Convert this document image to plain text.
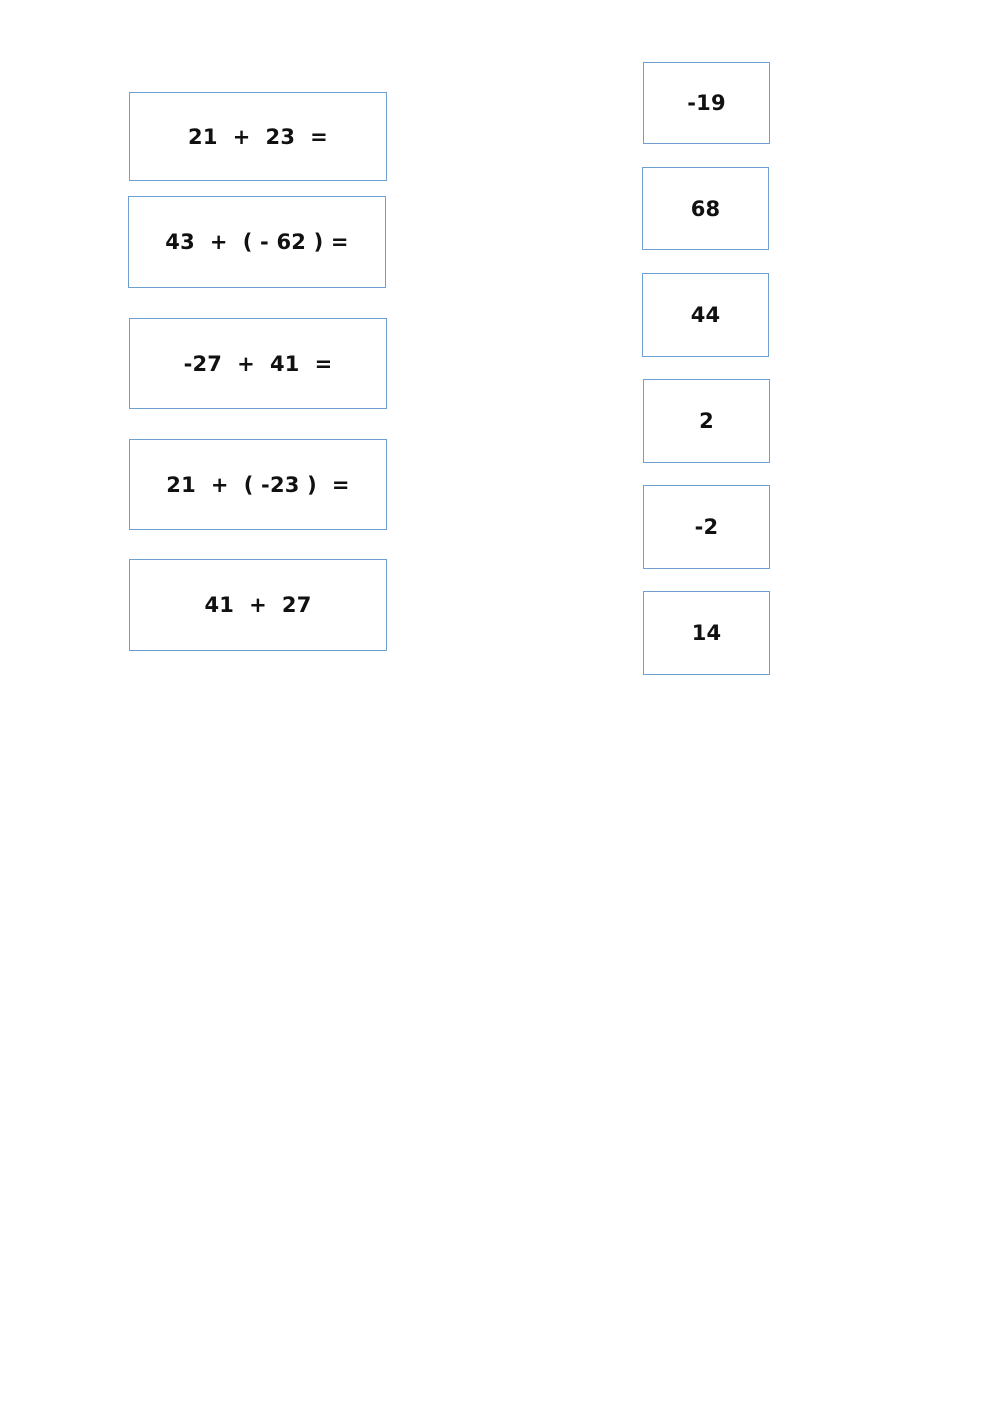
21  +  23  =
43  +  ( - 62 ) =
-27  +  41  =
21  +  ( -23 )  =
41  +  27
-19
68
44
2
-2
14
